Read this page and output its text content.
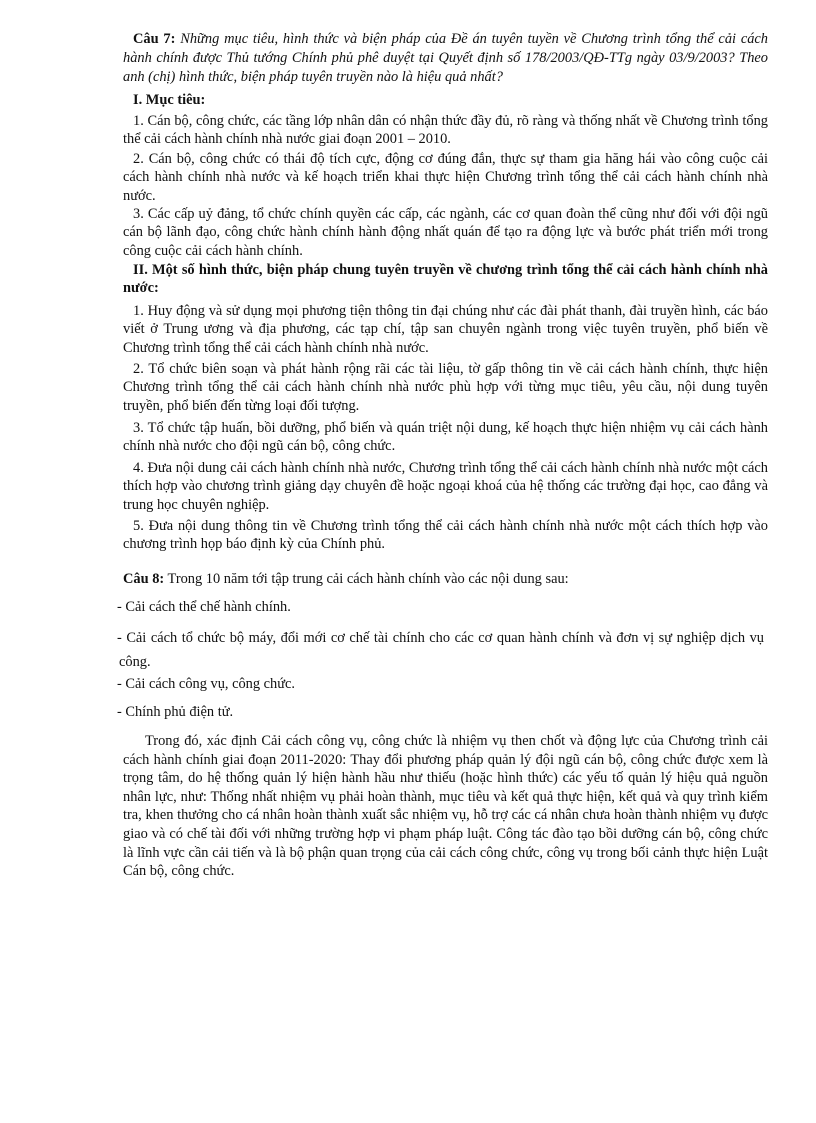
Câu 7: Những mục tiêu, hình thức và biện pháp của Đề án tuyên tuyền về Chương trình tổng thể cải cách hành chính được Thủ tướng Chính phủ phê duyệt tại Quyết định số 178/2003/QĐ-TTg ngày 03/9/2003? Theo anh (chị) hình thức, biện pháp tuyên truyền nào là hiệu quả nhất?

I. Mục tiêu:

1. Cán bộ, công chức, các tầng lớp nhân dân có nhận thức đầy đủ, rõ ràng và thống nhất về Chương trình tổng thể cải cách hành chính nhà nước giai đoạn 2001 – 2010.

2. Cán bộ, công chức có thái độ tích cực, động cơ đúng đắn, thực sự tham gia hăng hái vào công cuộc cải cách hành chính nhà nước và kế hoạch triển khai thực hiện Chương trình tổng thể cải cách hành chính nhà nước.

3. Các cấp uỷ đảng, tổ chức chính quyền các cấp, các ngành, các cơ quan đoàn thể cũng như đối với đội ngũ cán bộ lãnh đạo, công chức hành chính hành động nhất quán để tạo ra động lực và bước phát triển mới trong công cuộc cải cách hành chính.

II. Một số hình thức, biện pháp chung tuyên truyền về chương trình tổng thể cải cách hành chính nhà nước:

1. Huy động và sử dụng mọi phương tiện thông tin đại chúng như các đài phát thanh, đài truyền hình, các báo viết ở Trung ương và địa phương, các tạp chí, tập san chuyên ngành trong việc tuyên truyền, phổ biến về Chương trình tổng thể cải cách hành chính nhà nước.

2. Tổ chức biên soạn và phát hành rộng rãi các tài liệu, tờ gấp thông tin về cải cách hành chính, thực hiện Chương trình tổng thể cải cách hành chính nhà nước phù hợp với từng mục tiêu, yêu cầu, nội dung tuyên truyền, phổ biến đến từng loại đối tượng.

3. Tổ chức tập huấn, bồi dưỡng, phổ biến và quán triệt nội dung, kế hoạch thực hiện nhiệm vụ cải cách hành chính nhà nước cho đội ngũ cán bộ, công chức.

4. Đưa nội dung cải cách hành chính nhà nước, Chương trình tổng thể cải cách hành chính nhà nước một cách thích hợp vào chương trình giảng dạy chuyên đề hoặc ngoại khoá của hệ thống các trường đại học, cao đẳng và trung học chuyên nghiệp.

5. Đưa nội dung thông tin về Chương trình tổng thể cải cách hành chính nhà nước một cách thích hợp vào chương trình họp báo định kỳ của Chính phủ.

Câu 8: Trong 10 năm tới tập trung cải cách hành chính vào các nội dung sau:

- Cải cách thể chế hành chính.

- Cải cách tổ chức bộ máy, đổi mới cơ chế tài chính cho các cơ quan hành chính và đơn vị sự nghiệp dịch vụ công.

- Cải cách công vụ, công chức.

- Chính phủ điện tử.

Trong đó, xác định Cải cách công vụ, công chức là nhiệm vụ then chốt và động lực của Chương trình cải cách hành chính giai đoạn 2011-2020: Thay đổi phương pháp quản lý đội ngũ cán bộ, công chức được xem là trọng tâm, do hệ thống quản lý hiện hành hầu như thiếu (hoặc hình thức) các yếu tố quản lý hiệu quả nguồn nhân lực, như: Thống nhất nhiệm vụ phải hoàn thành, mục tiêu và kết quả thực hiện, kết quả và quy trình kiểm tra, khen thưởng cho cá nhân hoàn thành xuất sắc nhiệm vụ, hỗ trợ các cá nhân chưa hoàn thành nhiệm vụ được giao và có chế tài đối với những trường hợp vi phạm pháp luật. Công tác đào tạo bồi dưỡng cán bộ, công chức là lĩnh vực cần cải tiến và là bộ phận quan trọng của cải cách công chức, công vụ trong bối cảnh thực hiện Luật Cán bộ, công chức.
